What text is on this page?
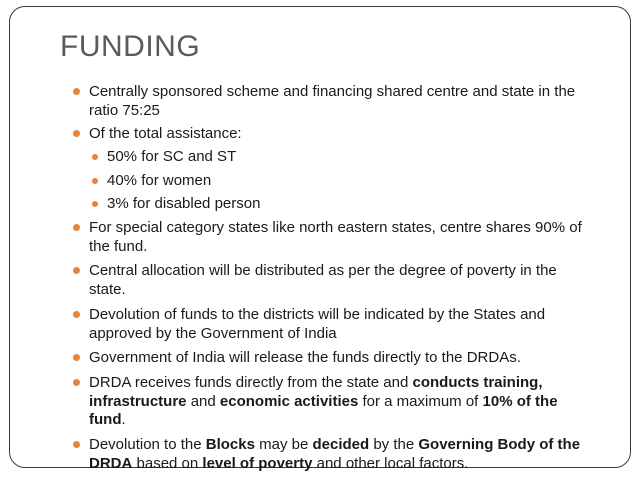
FUNDING
Centrally sponsored scheme and financing shared centre and state in the ratio 75:25
Of the total assistance:
50% for SC and ST
40% for women
3% for disabled person
For special category states like north eastern states, centre shares 90% of the fund.
Central allocation will be distributed as per the degree of poverty in the state.
Devolution of funds to the districts will be indicated by the States and approved by the Government of India
Government of India will release the funds directly to the DRDAs.
DRDA receives funds directly from the state and conducts training, infrastructure and economic activities for a maximum of 10% of the fund.
Devolution to the Blocks may be decided by the Governing Body of the DRDA based on level of poverty and other local factors.
